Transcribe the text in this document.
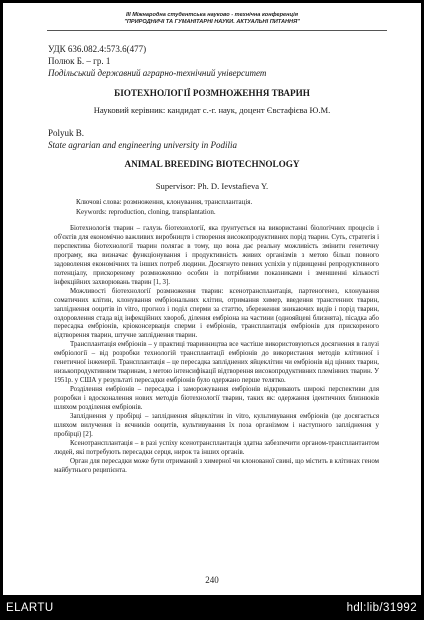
III Міжнародна студентська науково - технічна конференція
"ПРИРОДНИЧІ ТА ГУМАНІТАРНІ НАУКИ. АКТУАЛЬНІ ПИТАННЯ"
УДК 636.082.4:573.6(477)
Полюк Б. – гр. 1
Подільський державний аграрно-технічний університет
БІОТЕХНОЛОГІЇ РОЗМНОЖЕННЯ ТВАРИН
Науковий керівник: кандидат с.-г. наук, доцент Євстафієва Ю.М.
Polyuk B.
State agrarian and engineering university in Podilia
ANIMAL BREEDING BIOTECHNOLOGY
Supervisor: Ph. D. Ievstafieva Y.
Ключові слова: розмноження, клонування, трансплантація.
Keywords: reproduction, cloning, transplantation.

Біотехнологія тварин – галузь біотехнології, яка ґрунтується на використанні біологічних процесів і об'єктів для економічно важливих виробництв і створення високопродуктивних порід тварин. Суть, стратегія і перспектива біотехнології тварин полягає в тому, що вона дає реальну можливість змінити генетичну програму, яка визначає функціонування і продуктивність живих організмів з метою більш повного задоволення економічних та інших потреб людини. Досягнуто певних успіхів у підвищенні репродуктивного потенціалу, прискореному розмноженню особин із потрібними показниками і зменшенні кількості інфекційних захворювань тварин [1, 3].

Можливості біотехнології розмноження тварин: ксенотрансплантація, партеногенез, клонування соматичних клітин, клонування ембріональних клітин, отримання химер, введення трансгенних тварин, запліднення ооцитів in vitro, прогноз і поділ сперми за статтю, збереження зникаючих видів і порід тварин, оздоровлення стада від інфекційних хвороб, ділення ембріона на частини (однояйцеві близнята), пісадка або пересадка ембріонів, кріоконсервація сперми і ембріонів, трансплантація ембріонів для прискореного відтворення тварин, штучне запліднення тварин.

Трансплантація ембріонів – у практиці тваринництва все частіше використовуються досягнення в галузі ембріології – від розробки технологій трансплантації ембріонів до використання методів клітинної і генетичної інженерії. Трансплантація – це пересадка запліднених яйцеклітин чи ембріонів від цінних тварин, низькопродуктивним тваринам, з метою інтенсифікації відтворення високопродуктивних племінних тварин. У 1951р. у США у результаті пересадки ембріонів було одержано перше телятко.

Розділення ембріонів – пересадка і заморожування ембріонів відкривають широкі перспективи для розробки і вдосконалення нових методів біотехнології тварин, таких як: одержання ідентичних близнюків шляхом розділення ембріонів.

Запліднення у пробірці – запліднення яйцеклітин in vitro, культивування ембріонів (це досягається шляхом вилучення із яєчників ооцитів, культивування їх поза організмом і наступного запліднення у пробірці) [2].

Ксенотрансплантація – в разі успіху ксенотрансплантація здатна забезпечити органом-трансплантантом людей, які потребують пересадки серця, нирок та інших органів.

Орган для пересадки може бути отриманий з химерної чи клонованої свині, що містить в клітинах геном майбутнього реципієнта.

240
ELARTU	hdl:lib/31992
